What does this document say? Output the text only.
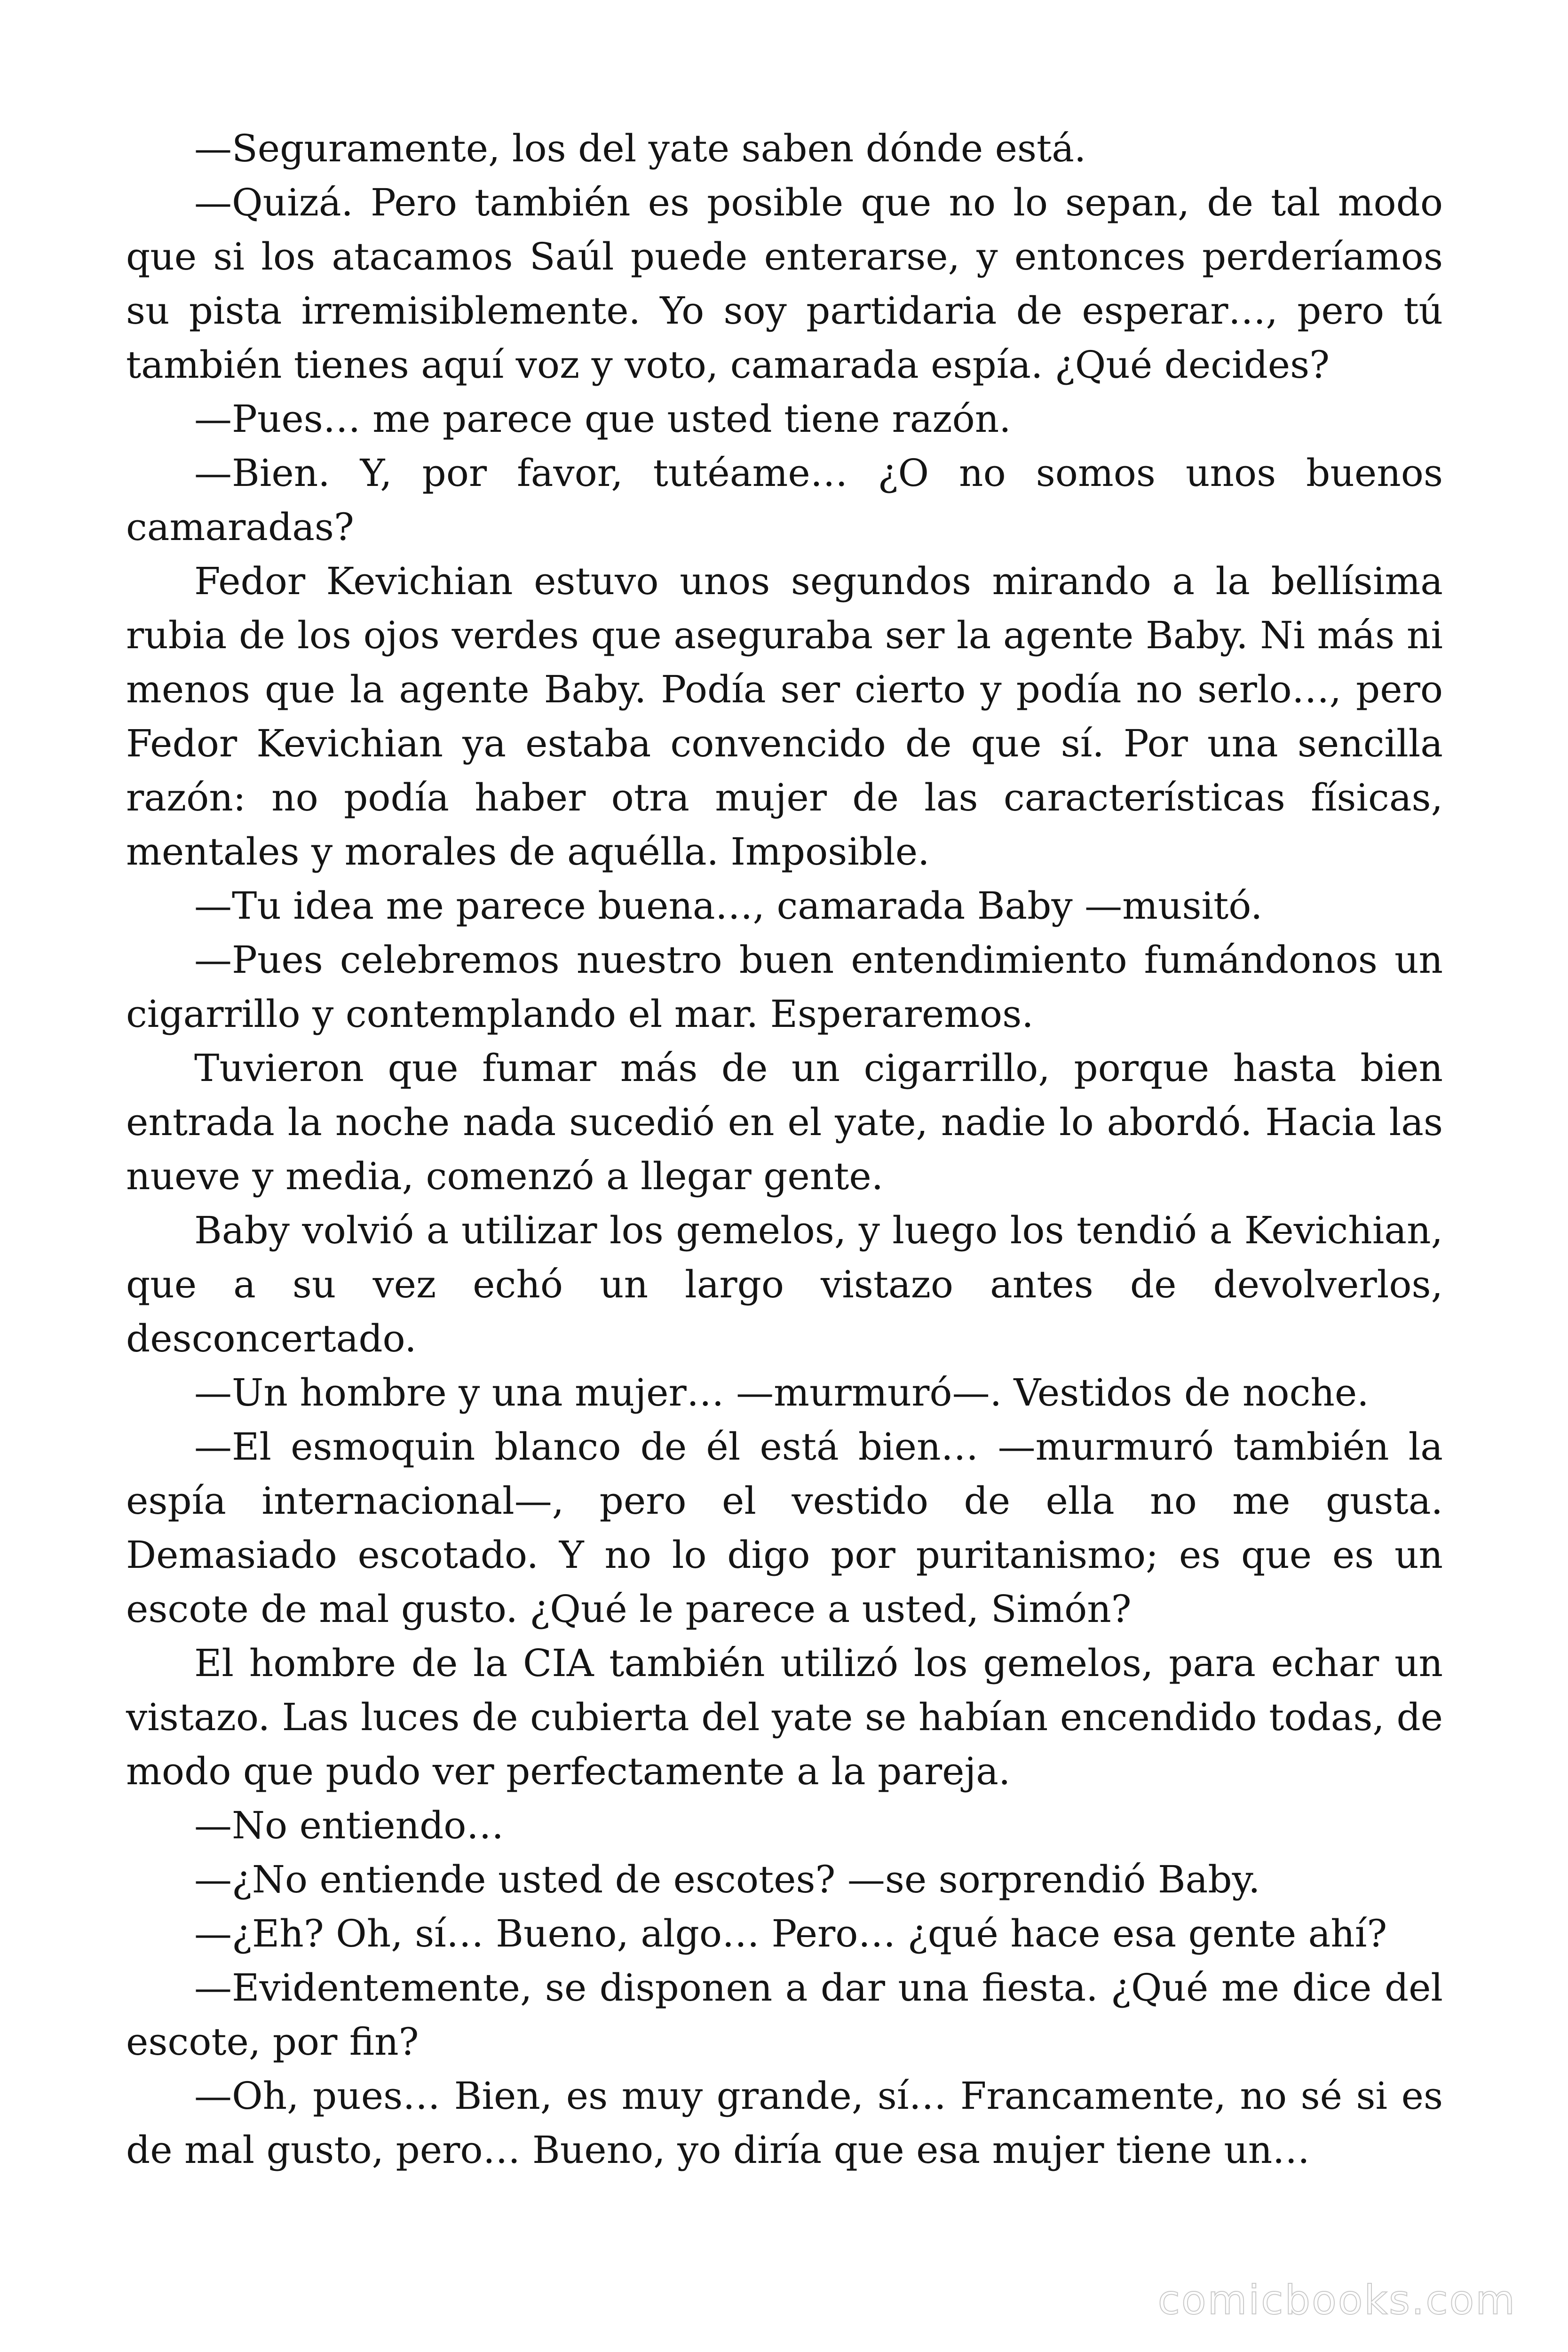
—Seguramente, los del yate saben dónde está.

—Quizá. Pero también es posible que no lo sepan, de tal modo que si los atacamos Saúl puede enterarse, y entonces perderíamos su pista irremisiblemente. Yo soy partidaria de esperar…, pero tú también tienes aquí voz y voto, camarada espía. ¿Qué decides?

—Pues… me parece que usted tiene razón.

—Bien. Y, por favor, tutéame… ¿O no somos unos buenos camaradas?

Fedor Kevichian estuvo unos segundos mirando a la bellísima rubia de los ojos verdes que aseguraba ser la agente Baby. Ni más ni menos que la agente Baby. Podía ser cierto y podía no serlo…, pero Fedor Kevichian ya estaba convencido de que sí. Por una sencilla razón: no podía haber otra mujer de las características físicas, mentales y morales de aquélla. Imposible.

—Tu idea me parece buena…, camarada Baby —musitó.

—Pues celebremos nuestro buen entendimiento fumándonos un cigarrillo y contemplando el mar. Esperaremos.

Tuvieron que fumar más de un cigarrillo, porque hasta bien entrada la noche nada sucedió en el yate, nadie lo abordó. Hacia las nueve y media, comenzó a llegar gente.

Baby volvió a utilizar los gemelos, y luego los tendió a Kevichian, que a su vez echó un largo vistazo antes de devolverlos, desconcertado.

—Un hombre y una mujer… —murmuró—. Vestidos de noche.

—El esmoquin blanco de él está bien… —murmuró también la espía internacional—, pero el vestido de ella no me gusta. Demasiado escotado. Y no lo digo por puritanismo; es que es un escote de mal gusto. ¿Qué le parece a usted, Simón?

El hombre de la CIA también utilizó los gemelos, para echar un vistazo. Las luces de cubierta del yate se habían encendido todas, de modo que pudo ver perfectamente a la pareja.

—No entiendo…

—¿No entiende usted de escotes? —se sorprendió Baby.

—¿Eh? Oh, sí… Bueno, algo… Pero… ¿qué hace esa gente ahí?

—Evidentemente, se disponen a dar una fiesta. ¿Qué me dice del escote, por fin?

—Oh, pues… Bien, es muy grande, sí… Francamente, no sé si es de mal gusto, pero… Bueno, yo diría que esa mujer tiene un…

comicbooks.com
